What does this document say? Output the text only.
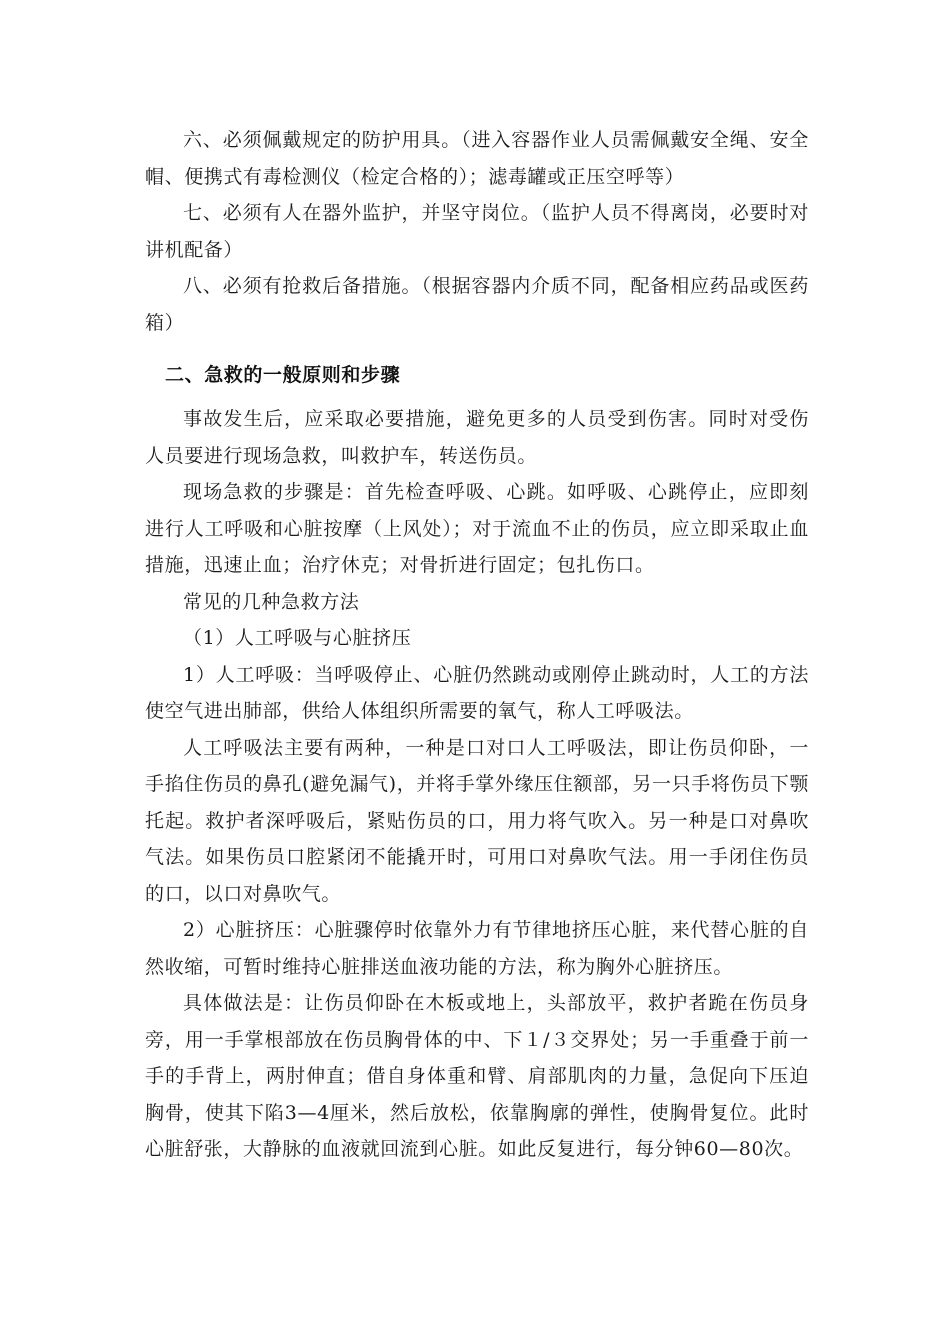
六、必须佩戴规定的防护用具。（进入容器作业人员需佩戴安全绳、安全帽、便携式有毒检测仪（检定合格的）；滤毒罐或正压空呼等）

七、必须有人在器外监护，并坚守岗位。（监护人员不得离岗，必要时对讲机配备）

八、必须有抢救后备措施。（根据容器内介质不同，配备相应药品或医药箱）

二、急救的一般原则和步骤

事故发生后，应采取必要措施，避免更多的人员受到伤害。同时对受伤人员要进行现场急救，叫救护车，转送伤员。

现场急救的步骤是：首先检查呼吸、心跳。如呼吸、心跳停止，应即刻进行人工呼吸和心脏按摩（上风处）；对于流血不止的伤员，应立即采取止血措施，迅速止血；治疗休克；对骨折进行固定；包扎伤口。

常见的几种急救方法

（1）人工呼吸与心脏挤压

1）人工呼吸：当呼吸停止、心脏仍然跳动或刚停止跳动时，人工的方法使空气进出肺部，供给人体组织所需要的氧气，称人工呼吸法。

人工呼吸法主要有两种，一种是口对口人工呼吸法，即让伤员仰卧，一手掐住伤员的鼻孔(避免漏气)，并将手掌外缘压住额部，另一只手将伤员下颚托起。救护者深呼吸后，紧贴伤员的口，用力将气吹入。另一种是口对鼻吹气法。如果伤员口腔紧闭不能撬开时，可用口对鼻吹气法。用一手闭住伤员的口，以口对鼻吹气。

2）心脏挤压：心脏骤停时依靠外力有节律地挤压心脏，来代替心脏的自然收缩，可暂时维持心脏排送血液功能的方法，称为胸外心脏挤压。

具体做法是：让伤员仰卧在木板或地上，头部放平，救护者跪在伤员身旁，用一手掌根部放在伤员胸骨体的中、下１/３交界处；另一手重叠于前一手的手背上，两肘伸直；借自身体重和臂、肩部肌肉的力量，急促向下压迫胸骨，使其下陷3—4厘米，然后放松，依靠胸廓的弹性，使胸骨复位。此时心脏舒张，大静脉的血液就回流到心脏。如此反复进行，每分钟60—80次。
